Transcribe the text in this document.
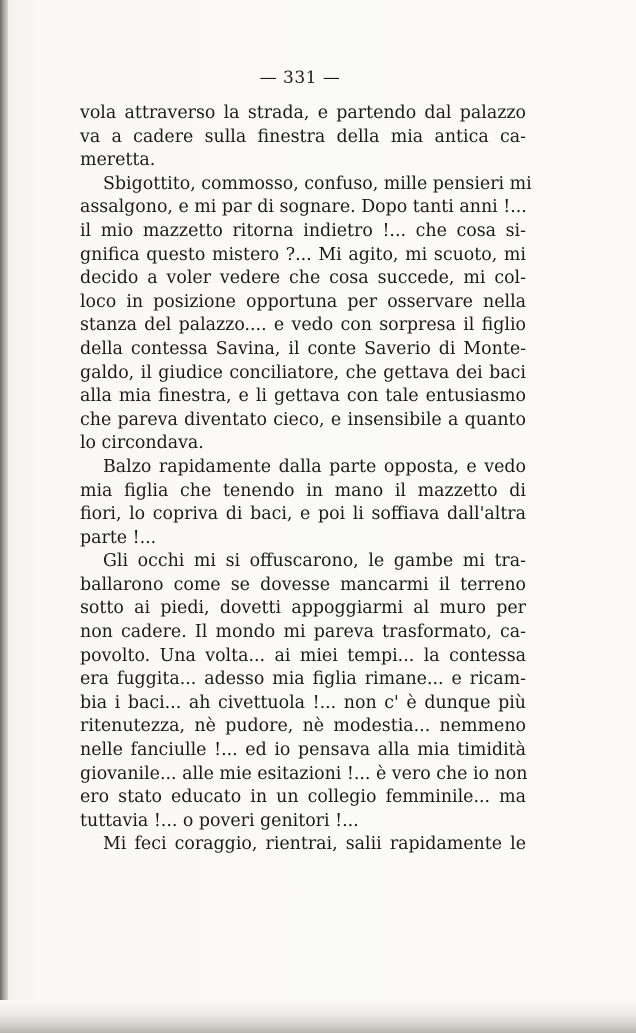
— 331 —
vola attraverso la strada, e partendo dal palazzo
va a cadere sulla finestra della mia antica ca-
meretta.
Sbigottito, commosso, confuso, mille pensieri mi
assalgono, e mi par di sognare. Dopo tanti anni !...
il mio mazzetto ritorna indietro !... che cosa si-
gnifica questo mistero ?... Mi agito, mi scuoto, mi
decido a voler vedere che cosa succede, mi col-
loco in posizione opportuna per osservare nella
stanza del palazzo.... e vedo con sorpresa il figlio
della contessa Savina, il conte Saverio di Monte-
galdo, il giudice conciliatore, che gettava dei baci
alla mia finestra, e li gettava con tale entusiasmo
che pareva diventato cieco, e insensibile a quanto
lo circondava.
Balzo rapidamente dalla parte opposta, e vedo
mia figlia che tenendo in mano il mazzetto di
fiori, lo copriva di baci, e poi li soffiava dall'altra
parte !...
Gli occhi mi si offuscarono, le gambe mi tra-
ballarono come se dovesse mancarmi il terreno
sotto ai piedi, dovetti appoggiarmi al muro per
non cadere. Il mondo mi pareva trasformato, ca-
povolto. Una volta... ai miei tempi... la contessa
era fuggita... adesso mia figlia rimane... e ricam-
bia i baci... ah civettuola !... non c' è dunque più
ritenutezza, nè pudore, nè modestia... nemmeno
nelle fanciulle !... ed io pensava alla mia timidità
giovanile... alle mie esitazioni !... è vero che io non
ero stato educato in un collegio femminile... ma
tuttavia !... o poveri genitori !...
Mi feci coraggio, rientrai, salii rapidamente le
